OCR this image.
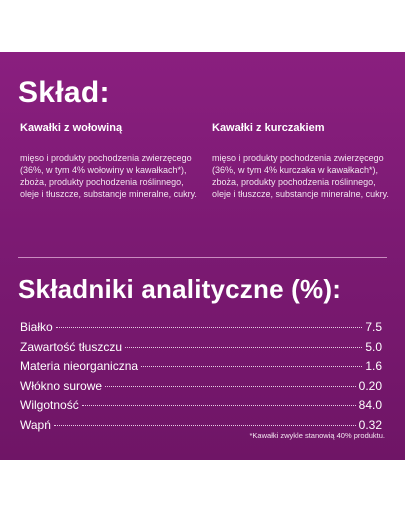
Skład:
Kawałki z wołowiną
mięso i produkty pochodzenia zwierzęcego (36%, w tym 4% wołowiny w kawałkach*), zboża, produkty pochodzenia roślinnego, oleje i tłuszcze, substancje mineralne, cukry.
Kawałki z kurczakiem
mięso i produkty pochodzenia zwierzęcego (36%, w tym 4% kurczaka w kawałkach*), zboża, produkty pochodzenia roślinnego, oleje i tłuszcze, substancje mineralne, cukry.
Składniki analityczne (%):
Białko	7.5
Zawartość tłuszczu	5.0
Materia nieorganiczna	1.6
Włókno surowe	0.20
Wilgotność	84.0
Wapń	0.32
*Kawałki zwykle stanowią 40% produktu.
